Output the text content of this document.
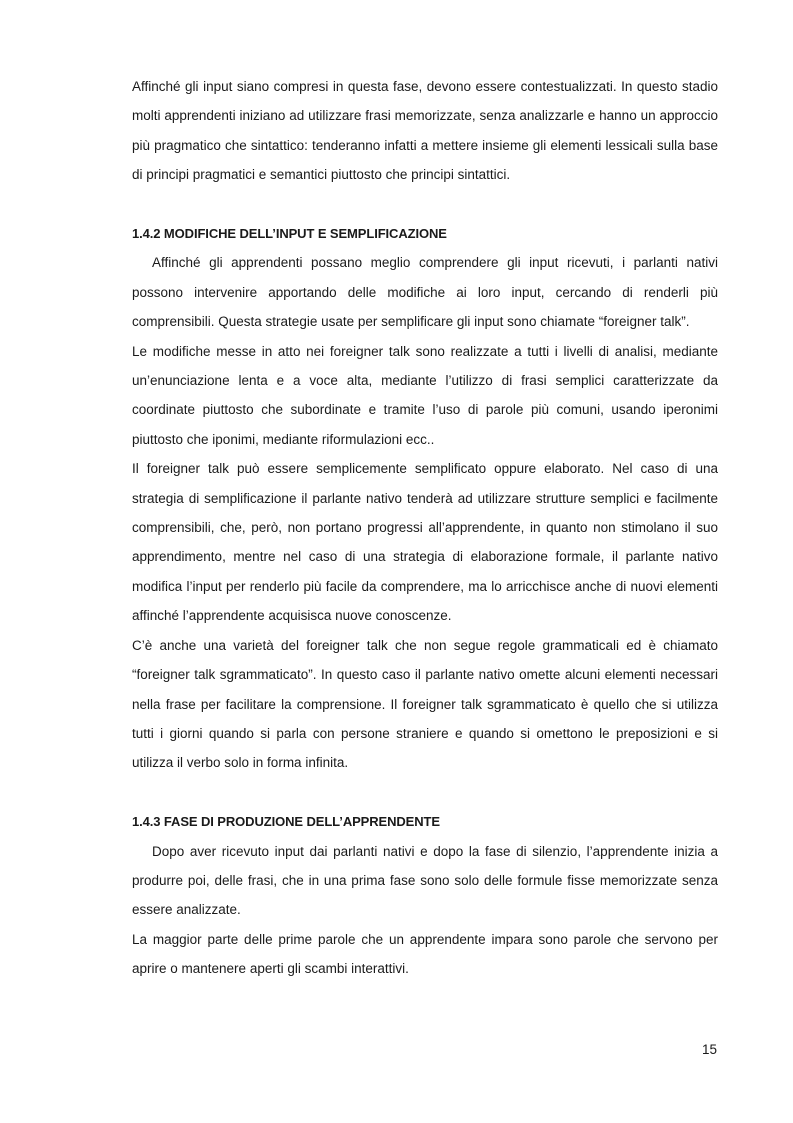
Affinché gli input siano compresi in questa fase, devono essere contestualizzati. In questo stadio molti apprendenti iniziano ad utilizzare frasi memorizzate, senza analizzarle e hanno un approccio più pragmatico che sintattico: tenderanno infatti a mettere insieme gli elementi lessicali sulla base di principi pragmatici e semantici piuttosto che principi sintattici.

1.4.2 MODIFICHE DELL’INPUT E SEMPLIFICAZIONE

Affinché gli apprendenti possano meglio comprendere gli input ricevuti, i parlanti nativi possono intervenire apportando delle modifiche ai loro input, cercando di renderli più comprensibili. Questa strategie usate per semplificare gli input sono chiamate “foreigner talk”.

Le modifiche messe in atto nei foreigner talk sono realizzate a tutti i livelli di analisi, mediante un’enunciazione lenta e a voce alta, mediante l’utilizzo di frasi semplici caratterizzate da coordinate piuttosto che subordinate e tramite l’uso di parole più comuni, usando iperonimi piuttosto che iponimi, mediante riformulazioni ecc..

Il foreigner talk può essere semplicemente semplificato oppure elaborato. Nel caso di una strategia di semplificazione il parlante nativo tenderà ad utilizzare strutture semplici e facilmente comprensibili, che, però, non portano progressi all’apprendente, in quanto non stimolano il suo apprendimento, mentre nel caso di una strategia di elaborazione formale, il parlante nativo modifica l’input per renderlo più facile da comprendere, ma lo arricchisce anche di nuovi elementi affinché l’apprendente acquisisca nuove conoscenze.

C’è anche una varietà del foreigner talk che non segue regole grammaticali ed è chiamato “foreigner talk sgrammaticato”. In questo caso il parlante nativo omette alcuni elementi necessari nella frase per facilitare la comprensione. Il foreigner talk sgrammaticato è quello che si utilizza tutti i giorni quando si parla con persone straniere e quando si omettono le preposizioni e si utilizza il verbo solo in forma infinita.

1.4.3 FASE DI PRODUZIONE DELL’APPRENDENTE

Dopo aver ricevuto input dai parlanti nativi e dopo la fase di silenzio, l’apprendente inizia a produrre poi, delle frasi, che in una prima fase sono solo delle formule fisse memorizzate senza essere analizzate.

La maggior parte delle prime parole che un apprendente impara sono parole che servono per aprire o mantenere aperti gli scambi interattivi.

15
